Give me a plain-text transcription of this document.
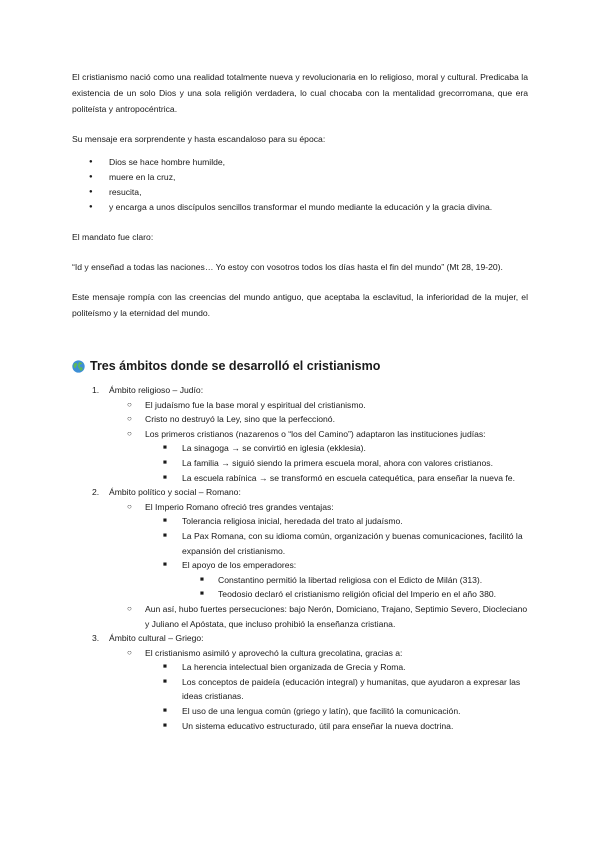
El cristianismo nació como una realidad totalmente nueva y revolucionaria en lo religioso, moral y cultural. Predicaba la existencia de un solo Dios y una sola religión verdadera, lo cual chocaba con la mentalidad grecorromana, que era politeísta y antropocéntrica.

Su mensaje era sorprendente y hasta escandaloso para su época:

● Dios se hace hombre humilde,
● muere en la cruz,
● resucita,
● y encarga a unos discípulos sencillos transformar el mundo mediante la educación y la gracia divina.

El mandato fue claro:

“Id y enseñad a todas las naciones… Yo estoy con vosotros todos los días hasta el fin del mundo” (Mt 28, 19-20).

Este mensaje rompía con las creencias del mundo antiguo, que aceptaba la esclavitud, la inferioridad de la mujer, el politeísmo y la eternidad del mundo.

Tres ámbitos donde se desarrolló el cristianismo
1. Ámbito religioso – Judío:
○ El judaísmo fue la base moral y espiritual del cristianismo.
○ Cristo no destruyó la Ley, sino que la perfeccionó.
○ Los primeros cristianos (nazarenos o “los del Camino”) adaptaron las instituciones judías:
■ La sinagoga → se convirtió en iglesia (ekklesia).
■ La familia → siguió siendo la primera escuela moral, ahora con valores cristianos.
■ La escuela rabínica → se transformó en escuela catequética, para enseñar la nueva fe.
2. Ámbito político y social – Romano:
○ El Imperio Romano ofreció tres grandes ventajas:
■ Tolerancia religiosa inicial, heredada del trato al judaísmo.
■ La Pax Romana, con su idioma común, organización y buenas comunicaciones, facilitó la expansión del cristianismo.
■ El apoyo de los emperadores:
■ Constantino permitió la libertad religiosa con el Edicto de Milán (313).
■ Teodosio declaró el cristianismo religión oficial del Imperio en el año 380.
○ Aun así, hubo fuertes persecuciones: bajo Nerón, Domiciano, Trajano, Septimio Severo, Diocleciano y Juliano el Apóstata, que incluso prohibió la enseñanza cristiana.
3. Ámbito cultural – Griego:
○ El cristianismo asimiló y aprovechó la cultura grecolatina, gracias a:
■ La herencia intelectual bien organizada de Grecia y Roma.
■ Los conceptos de paideía (educación integral) y humanitas, que ayudaron a expresar las ideas cristianas.
■ El uso de una lengua común (griego y latín), que facilitó la comunicación.
■ Un sistema educativo estructurado, útil para enseñar la nueva doctrina.
